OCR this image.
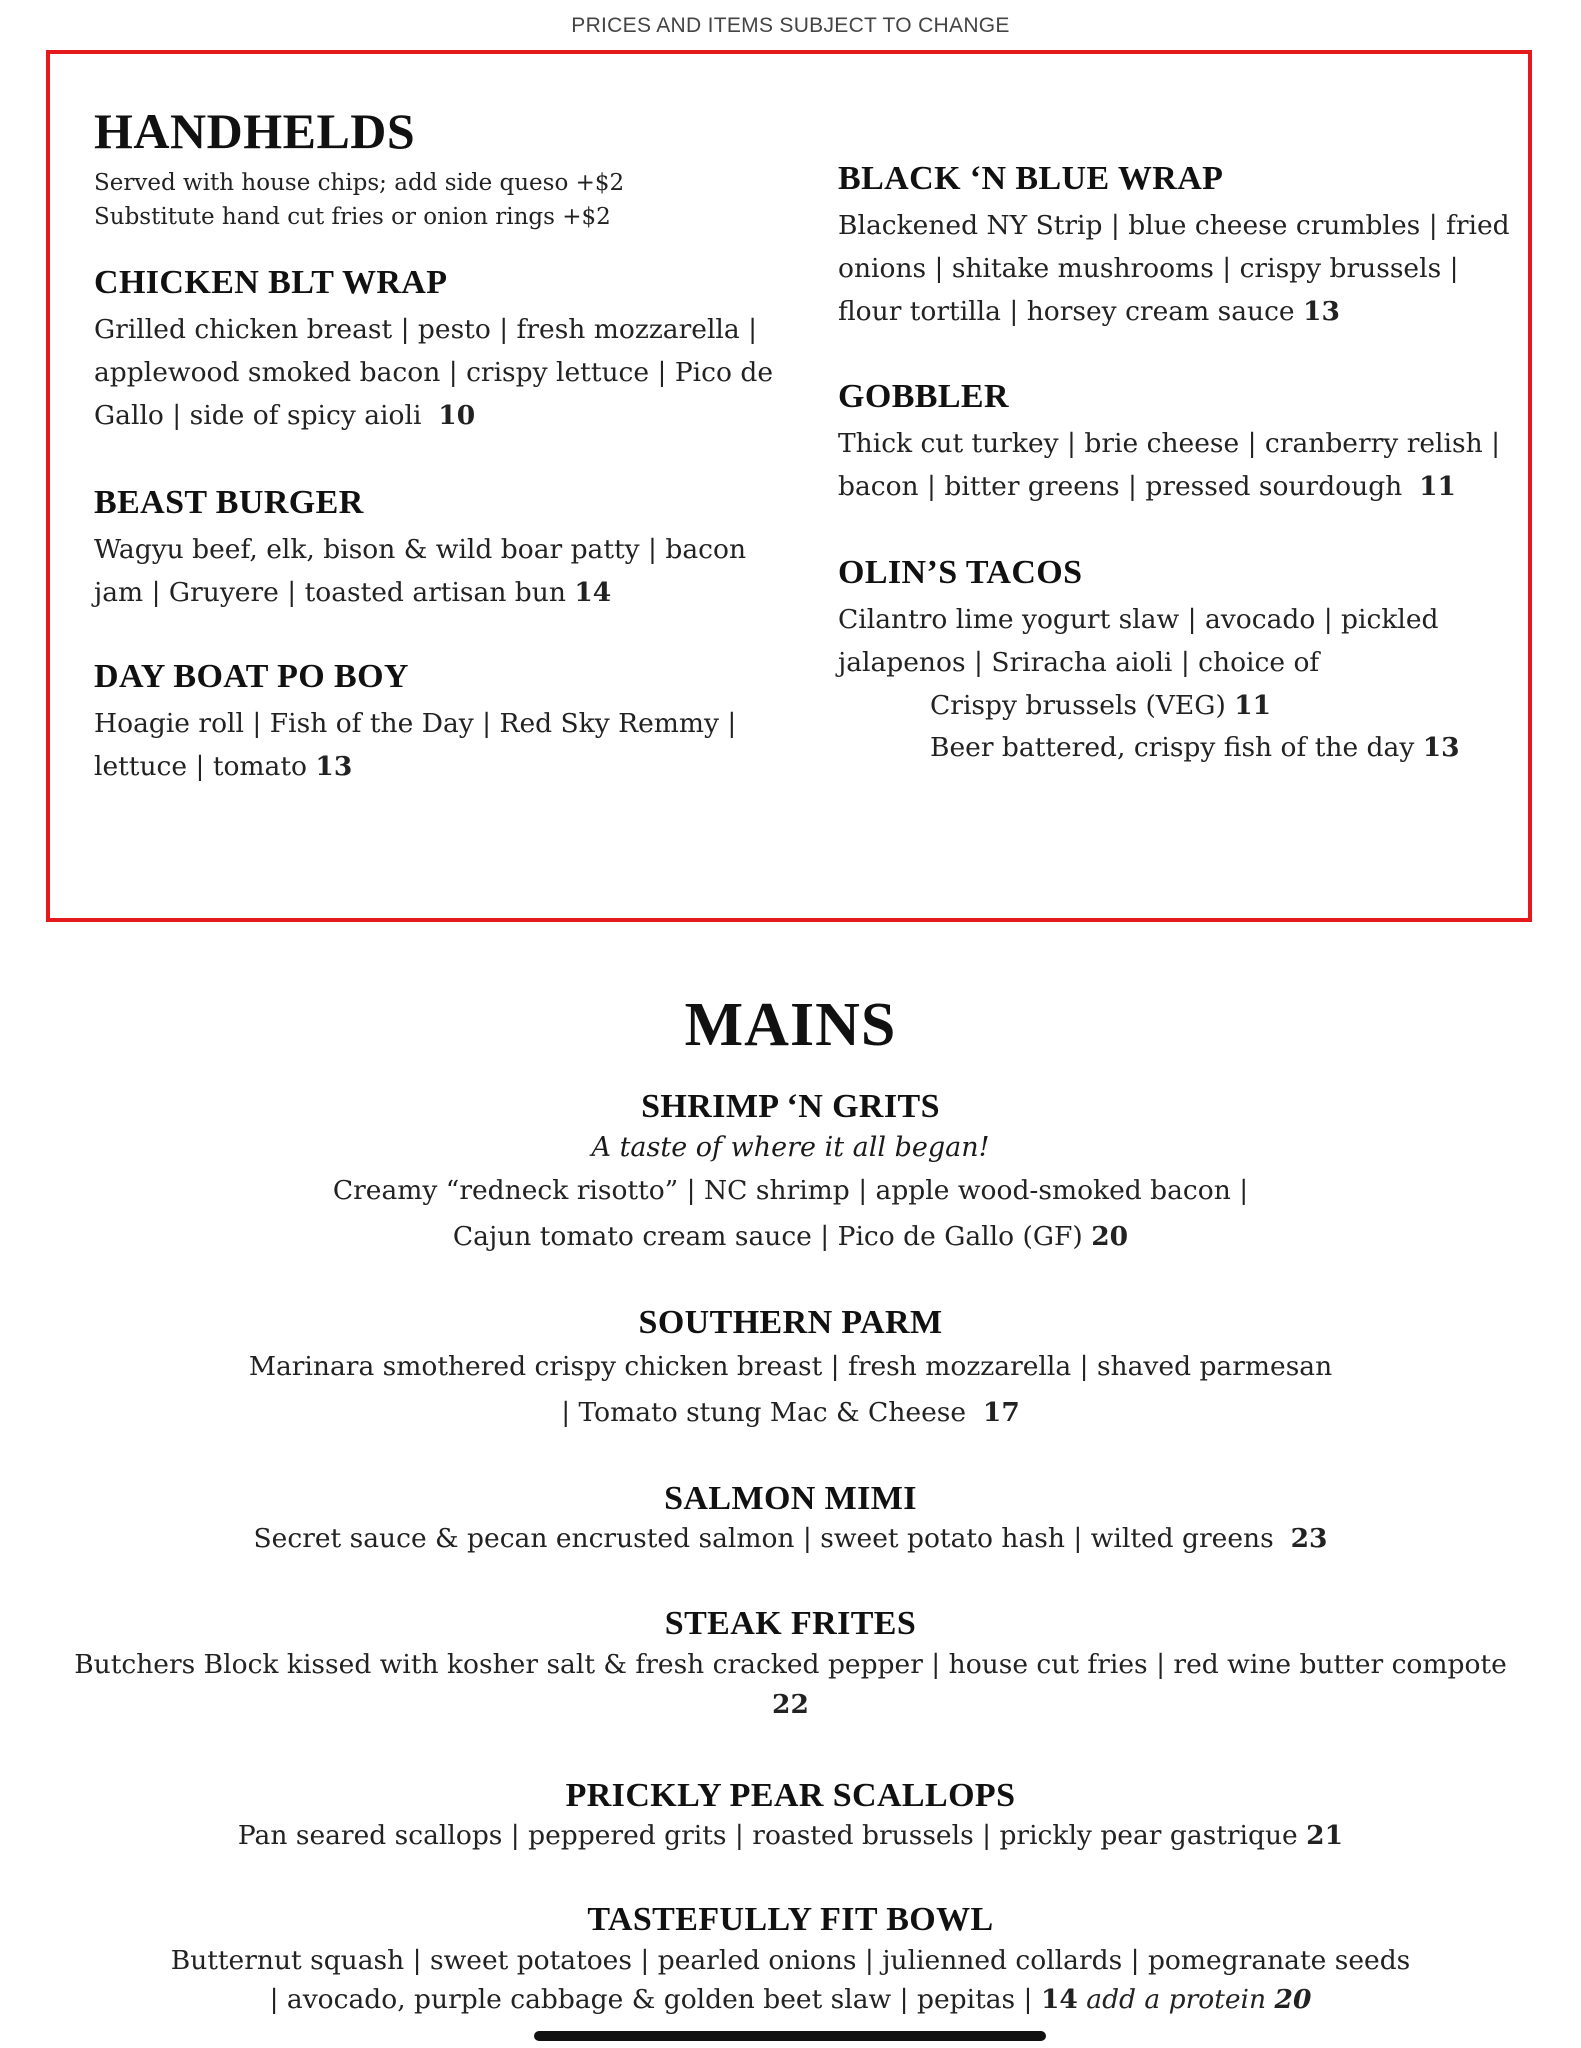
PRICES AND ITEMS SUBJECT TO CHANGE
HANDHELDS
Served with house chips; add side queso +$2
Substitute hand cut fries or onion rings +$2
CHICKEN BLT WRAP

Grilled chicken breast | pesto | fresh mozzarella | applewood smoked bacon | crispy lettuce | Pico de Gallo | side of spicy aioli 10

BEAST BURGER

Wagyu beef, elk, bison & wild boar patty | bacon jam | Gruyere | toasted artisan bun 14

DAY BOAT PO BOY

Hoagie roll | Fish of the Day | Red Sky Remmy | lettuce | tomato 13

BLACK ‘N BLUE WRAP

Blackened NY Strip | blue cheese crumbles | fried onions | shitake mushrooms | crispy brussels | flour tortilla | horsey cream sauce 13

GOBBLER

Thick cut turkey | brie cheese | cranberry relish | bacon | bitter greens | pressed sourdough 11

OLIN’S TACOS

Cilantro lime yogurt slaw | avocado | pickled jalapenos | Sriracha aioli | choice of
Crispy brussels (VEG) 11
Beer battered, crispy fish of the day 13

MAINS
SHRIMP ‘N GRITS
A taste of where it all began!

Creamy “redneck risotto” | NC shrimp | apple wood-smoked bacon |
Cajun tomato cream sauce | Pico de Gallo (GF) 20

SOUTHERN PARM

Marinara smothered crispy chicken breast | fresh mozzarella | shaved parmesan
| Tomato stung Mac & Cheese 17

SALMON MIMI

Secret sauce & pecan encrusted salmon | sweet potato hash | wilted greens 23

STEAK FRITES

Butchers Block kissed with kosher salt & fresh cracked pepper | house cut fries | red wine butter compote
22

PRICKLY PEAR SCALLOPS

Pan seared scallops | peppered grits | roasted brussels | prickly pear gastrique 21

TASTEFULLY FIT BOWL

Butternut squash | sweet potatoes | pearled onions | julienned collards | pomegranate seeds
| avocado, purple cabbage & golden beet slaw | pepitas | 14 add a protein 20
